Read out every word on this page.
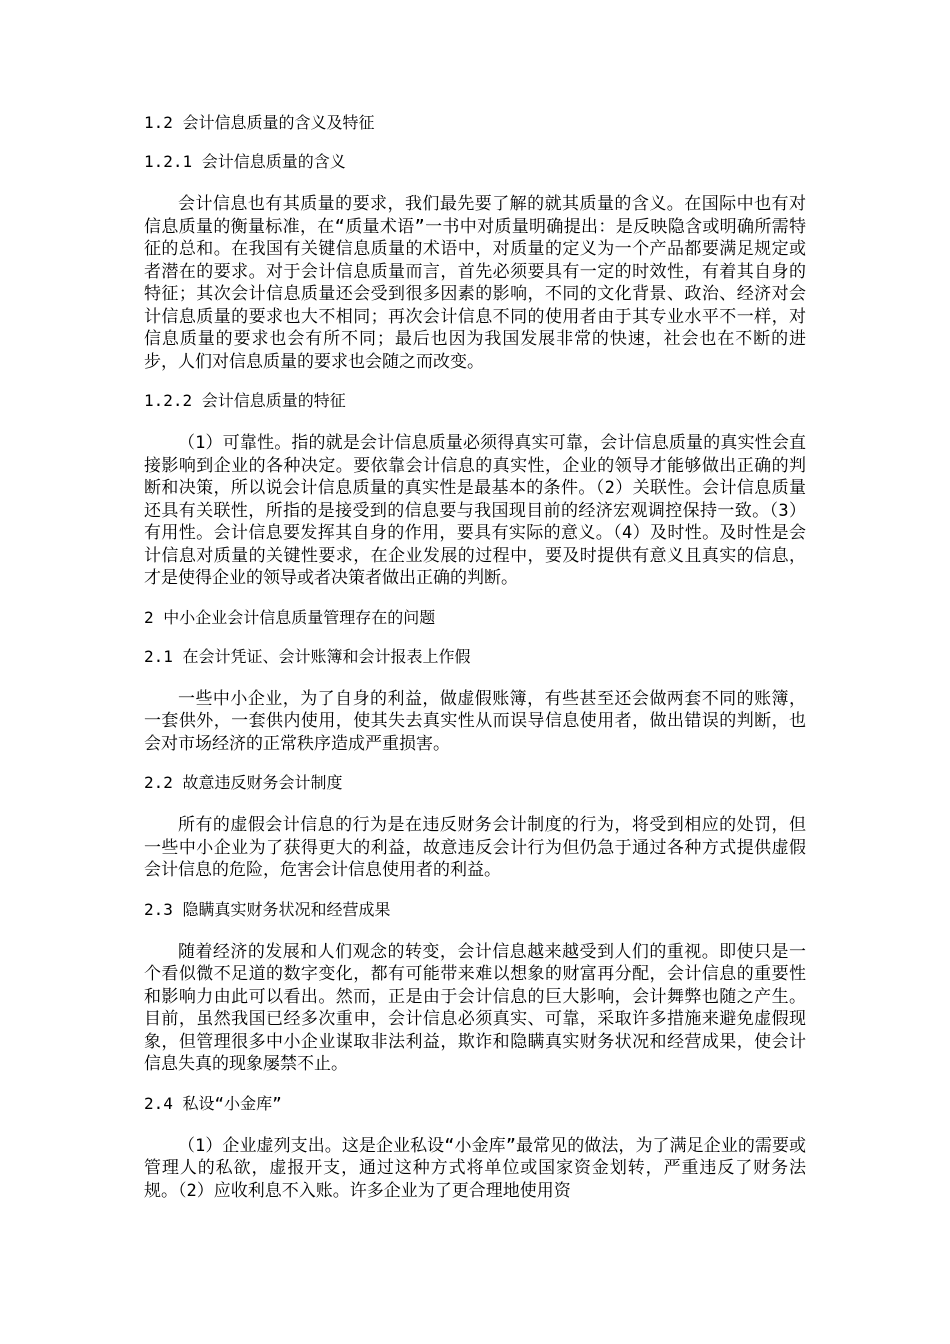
1.2 会计信息质量的含义及特征
1.2.1 会计信息质量的含义

会计信息也有其质量的要求，我们最先要了解的就其质量的含义。在国际中也有对信息质量的衡量标准，在“质量术语”一书中对质量明确提出：是反映隐含或明确所需特征的总和。在我国有关键信息质量的术语中，对质量的定义为一个产品都要满足规定或者潜在的要求。对于会计信息质量而言，首先必须要具有一定的时效性，有着其自身的特征；其次会计信息质量还会受到很多因素的影响，不同的文化背景、政治、经济对会计信息质量的要求也大不相同；再次会计信息不同的使用者由于其专业水平不一样，对信息质量的要求也会有所不同；最后也因为我国发展非常的快速，社会也在不断的进步，人们对信息质量的要求也会随之而改变。

1.2.2 会计信息质量的特征

（1）可靠性。指的就是会计信息质量必须得真实可靠，会计信息质量的真实性会直接影响到企业的各种决定。要依靠会计信息的真实性，企业的领导才能够做出正确的判断和决策，所以说会计信息质量的真实性是最基本的条件。（2）关联性。会计信息质量还具有关联性，所指的是接受到的信息要与我国现目前的经济宏观调控保持一致。（3）有用性。会计信息要发挥其自身的作用，要具有实际的意义。（4）及时性。及时性是会计信息对质量的关键性要求，在企业发展的过程中，要及时提供有意义且真实的信息，才是使得企业的领导或者决策者做出正确的判断。

2 中小企业会计信息质量管理存在的问题
2.1 在会计凭证、会计账簿和会计报表上作假

一些中小企业，为了自身的利益，做虚假账簿，有些甚至还会做两套不同的账簿，一套供外，一套供内使用，使其失去真实性从而误导信息使用者，做出错误的判断，也会对市场经济的正常秩序造成严重损害。

2.2 故意违反财务会计制度

所有的虚假会计信息的行为是在违反财务会计制度的行为，将受到相应的处罚，但一些中小企业为了获得更大的利益，故意违反会计行为但仍急于通过各种方式提供虚假会计信息的危险，危害会计信息使用者的利益。

2.3 隐瞒真实财务状况和经营成果

随着经济的发展和人们观念的转变，会计信息越来越受到人们的重视。即使只是一个看似微不足道的数字变化，都有可能带来难以想象的财富再分配，会计信息的重要性和影响力由此可以看出。然而，正是由于会计信息的巨大影响，会计舞弊也随之产生。目前，虽然我国已经多次重申，会计信息必须真实、可靠，采取许多措施来避免虚假现象，但管理很多中小企业谋取非法利益，欺诈和隐瞒真实财务状况和经营成果，使会计信息失真的现象屡禁不止。

2.4 私设“小金库”

（1）企业虚列支出。这是企业私设“小金库”最常见的做法，为了满足企业的需要或管理人的私欲，虚报开支，通过这种方式将单位或国家资金划转，严重违反了财务法规。（2）应收利息不入账。许多企业为了更合理地使用资
